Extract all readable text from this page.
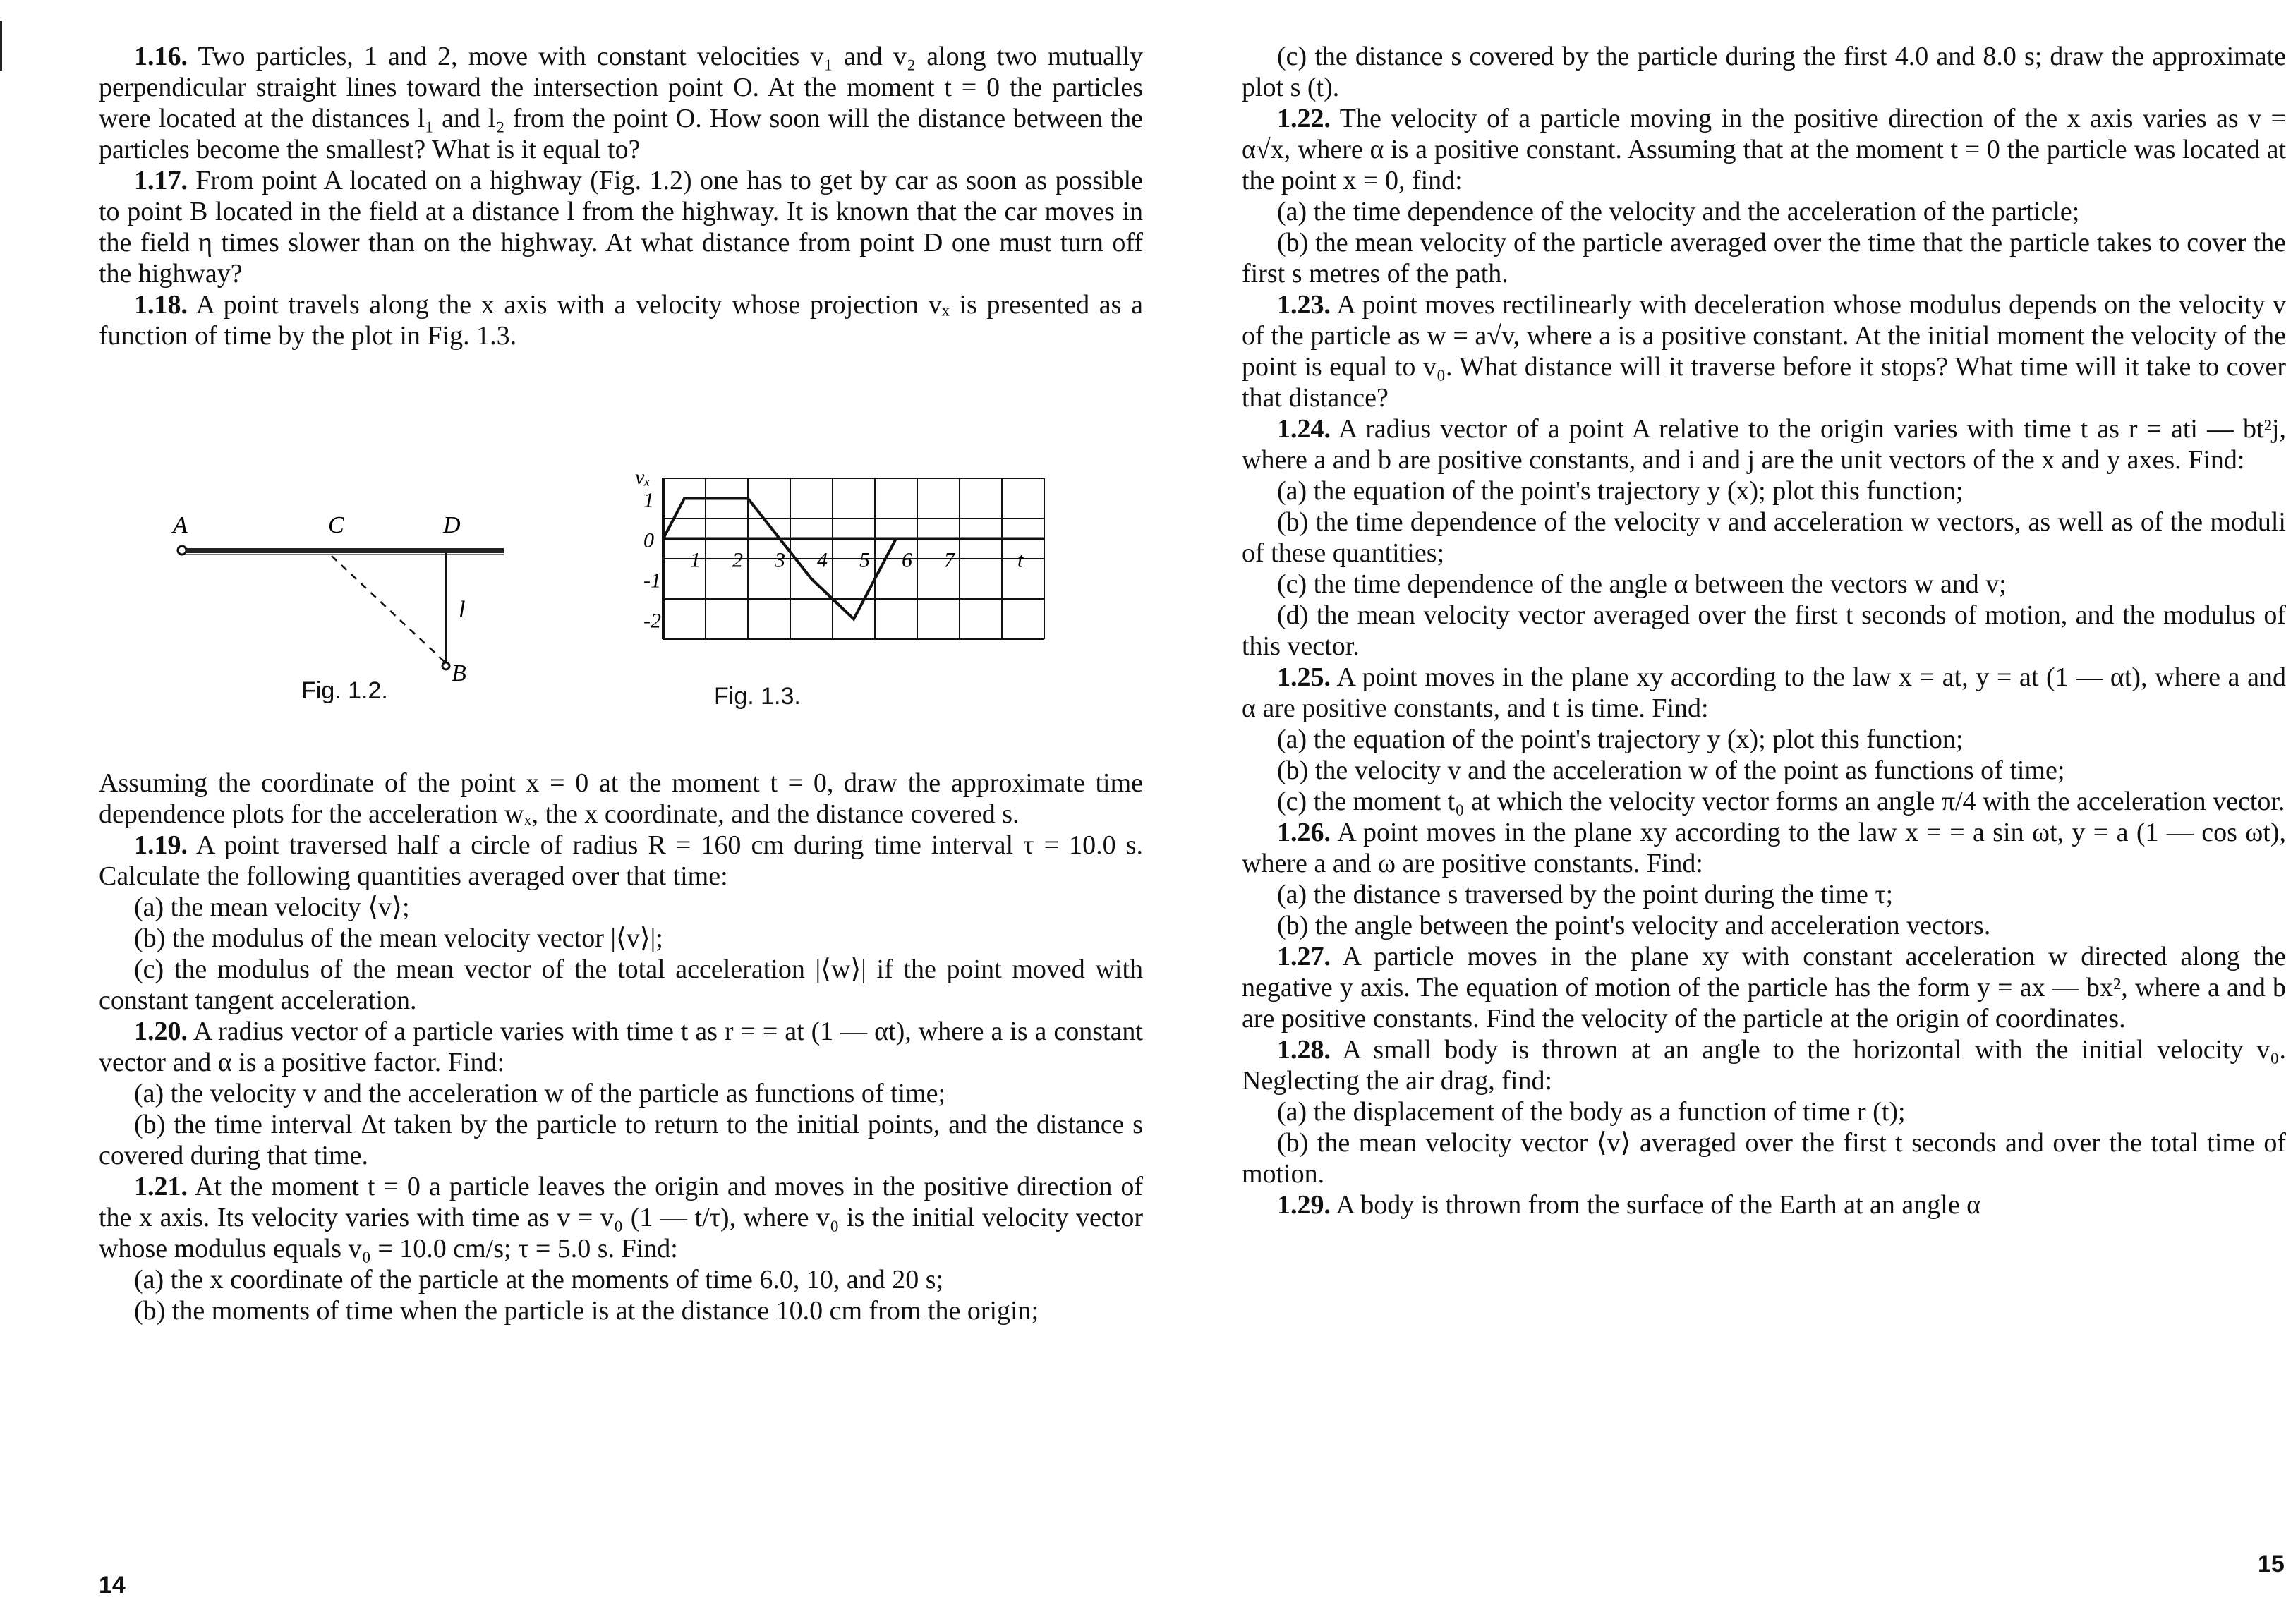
1.16. Two particles, 1 and 2, move with constant velocities v₁ and v₂ along two mutually perpendicular straight lines toward the intersection point O. At the moment t = 0 the particles were located at the distances l₁ and l₂ from the point O. How soon will the distance between the particles become the smallest? What is it equal to?

1.17. From point A located on a highway (Fig. 1.2) one has to get by car as soon as possible to point B located in the field at a distance l from the highway. It is known that the car moves in the field η times slower than on the highway. At what distance from point D one must turn off the highway?

1.18. A point travels along the x axis with a velocity whose projection vₓ is presented as a function of time by the plot in Fig. 1.3.

A	C	D
l
B
Fig. 1.2.
1
0
-1
-2
1 2 3 4 5 6 7
vₓ
t
Fig. 1.3.

Assuming the coordinate of the point x = 0 at the moment t = 0, draw the approximate time dependence plots for the acceleration wₓ, the x coordinate, and the distance covered s.

1.19. A point traversed half a circle of radius R = 160 cm during time interval τ = 10.0 s. Calculate the following quantities averaged over that time:

(a) the mean velocity ⟨v⟩;

(b) the modulus of the mean velocity vector |⟨v⟩|;

(c) the modulus of the mean vector of the total acceleration |⟨w⟩| if the point moved with constant tangent acceleration.

1.20. A radius vector of a particle varies with time t as r = = at (1 — αt), where a is a constant vector and α is a positive factor. Find:

(a) the velocity v and the acceleration w of the particle as functions of time;

(b) the time interval Δt taken by the particle to return to the initial points, and the distance s covered during that time.

1.21. At the moment t = 0 a particle leaves the origin and moves in the positive direction of the x axis. Its velocity varies with time as v = v₀ (1 — t/τ), where v₀ is the initial velocity vector whose modulus equals v₀ = 10.0 cm/s; τ = 5.0 s. Find:

(a) the x coordinate of the particle at the moments of time 6.0, 10, and 20 s;

(b) the moments of time when the particle is at the distance 10.0 cm from the origin;

14

(c) the distance s covered by the particle during the first 4.0 and 8.0 s; draw the approximate plot s (t).

1.22. The velocity of a particle moving in the positive direction of the x axis varies as v = α√x, where α is a positive constant. Assuming that at the moment t = 0 the particle was located at the point x = 0, find:

(a) the time dependence of the velocity and the acceleration of the particle;

(b) the mean velocity of the particle averaged over the time that the particle takes to cover the first s metres of the path.

1.23. A point moves rectilinearly with deceleration whose modulus depends on the velocity v of the particle as w = a√v, where a is a positive constant. At the initial moment the velocity of the point is equal to v₀. What distance will it traverse before it stops? What time will it take to cover that distance?

1.24. A radius vector of a point A relative to the origin varies with time t as r = ati — bt²j, where a and b are positive constants, and i and j are the unit vectors of the x and y axes. Find:

(a) the equation of the point's trajectory y (x); plot this function;

(b) the time dependence of the velocity v and acceleration w vectors, as well as of the moduli of these quantities;

(c) the time dependence of the angle α between the vectors w and v;

(d) the mean velocity vector averaged over the first t seconds of motion, and the modulus of this vector.

1.25. A point moves in the plane xy according to the law x = at, y = at (1 — αt), where a and α are positive constants, and t is time. Find:

(a) the equation of the point's trajectory y (x); plot this function;

(b) the velocity v and the acceleration w of the point as functions of time;

(c) the moment t₀ at which the velocity vector forms an angle π/4 with the acceleration vector.

1.26. A point moves in the plane xy according to the law x = = a sin ωt, y = a (1 — cos ωt), where a and ω are positive constants. Find:

(a) the distance s traversed by the point during the time τ;

(b) the angle between the point's velocity and acceleration vectors.

1.27. A particle moves in the plane xy with constant acceleration w directed along the negative y axis. The equation of motion of the particle has the form y = ax — bx², where a and b are positive constants. Find the velocity of the particle at the origin of coordinates.

1.28. A small body is thrown at an angle to the horizontal with the initial velocity v₀. Neglecting the air drag, find:

(a) the displacement of the body as a function of time r (t);

(b) the mean velocity vector ⟨v⟩ averaged over the first t seconds and over the total time of motion.

1.29. A body is thrown from the surface of the Earth at an angle α

15
